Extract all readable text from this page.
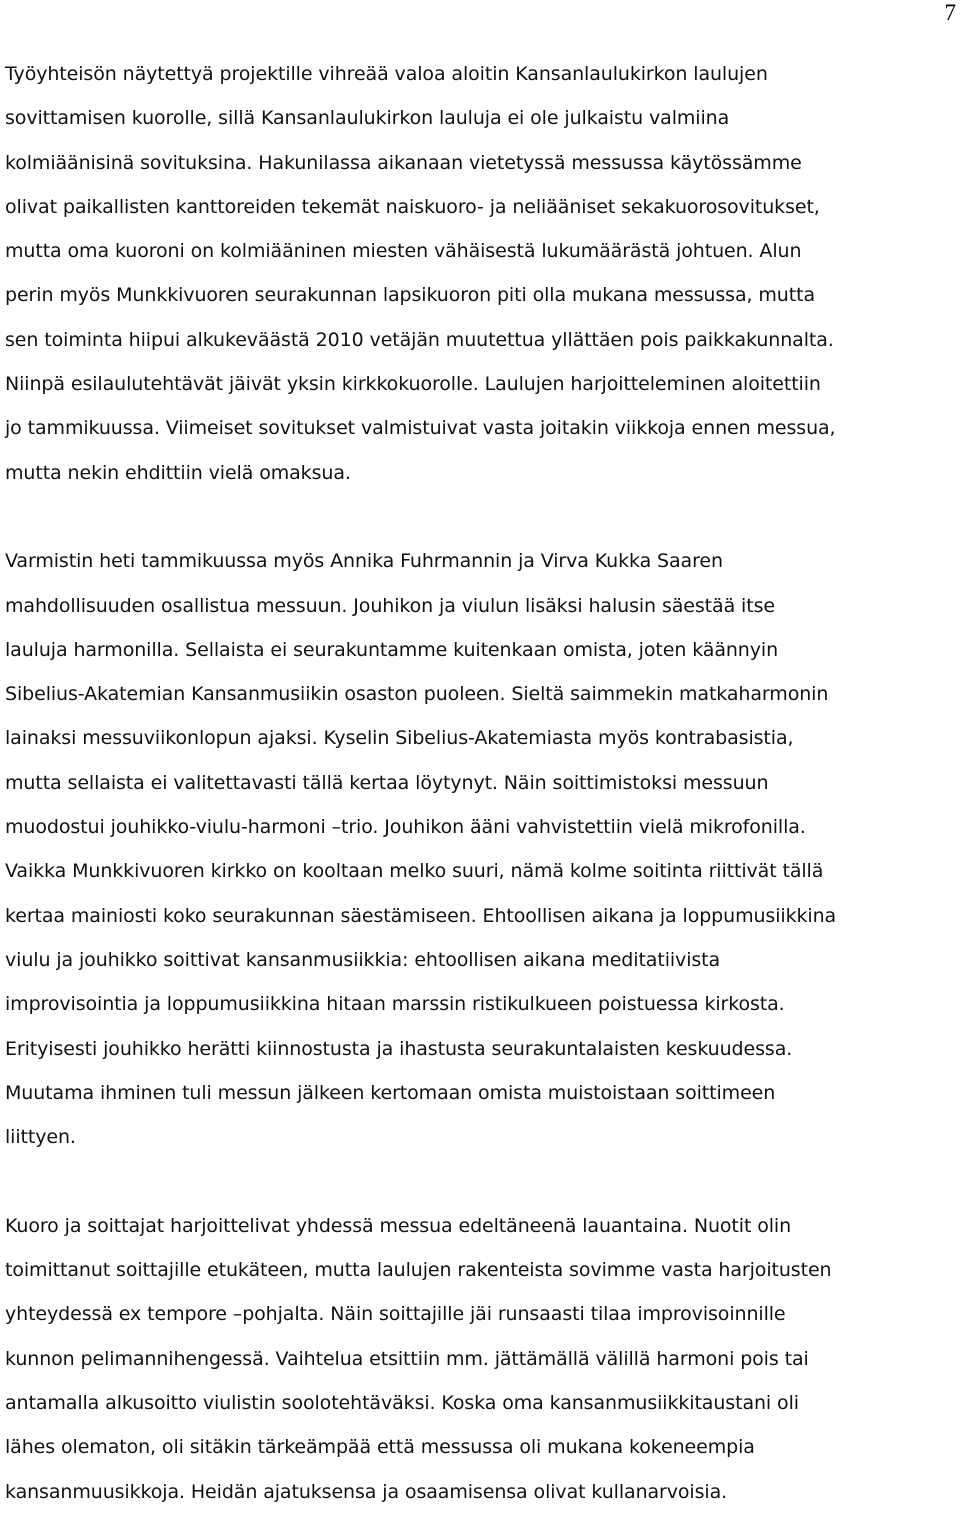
7
Työyhteisön näytettyä projektille vihreää valoa aloitin Kansanlaulukirkon laulujen
sovittamisen kuorolle, sillä Kansanlaulukirkon lauluja ei ole julkaistu valmiina
kolmiäänisinä sovituksina. Hakunilassa aikanaan vietetyssä messussa käytössämme
olivat paikallisten kanttoreiden tekemät naiskuoro- ja neliääniset sekakuorosovitukset,
mutta oma kuoroni on kolmiääninen miesten vähäisestä lukumäärästä johtuen. Alun
perin myös Munkkivuoren seurakunnan lapsikuoron piti olla mukana messussa, mutta
sen toiminta hiipui alkukeväästä 2010 vetäjän muutettua yllättäen pois paikkakunnalta.
Niinpä esilaulutehtävät jäivät yksin kirkkokuorolle. Laulujen harjoitteleminen aloitettiin
jo tammikuussa. Viimeiset sovitukset valmistuivat vasta joitakin viikkoja ennen messua,
mutta nekin ehdittiin vielä omaksua.
Varmistin heti tammikuussa myös Annika Fuhrmannin ja Virva Kukka Saaren
mahdollisuuden osallistua messuun. Jouhikon ja viulun lisäksi halusin säestää itse
lauluja harmonilla. Sellaista ei seurakuntamme kuitenkaan omista, joten käännyin
Sibelius-Akatemian Kansanmusiikin osaston puoleen. Sieltä saimmekin matkaharmonin
lainaksi messuviikonlopun ajaksi. Kyselin Sibelius-Akatemiasta myös kontrabasistia,
mutta sellaista ei valitettavasti tällä kertaa löytynyt. Näin soittimistoksi messuun
muodostui jouhikko-viulu-harmoni –trio. Jouhikon ääni vahvistettiin vielä mikrofonilla.
Vaikka Munkkivuoren kirkko on kooltaan melko suuri, nämä kolme soitinta riittivät tällä
kertaa mainiosti koko seurakunnan säestämiseen. Ehtoollisen aikana ja loppumusiikkina
viulu ja jouhikko soittivat kansanmusiikkia: ehtoollisen aikana meditatiivista
improvisointia ja loppumusiikkina hitaan marssin ristikulkueen poistuessa kirkosta.
Erityisesti jouhikko herätti kiinnostusta ja ihastusta seurakuntalaisten keskuudessa.
Muutama ihminen tuli messun jälkeen kertomaan omista muistoistaan soittimeen
liittyen.
Kuoro ja soittajat harjoittelivat yhdessä messua edeltäneenä lauantaina. Nuotit olin
toimittanut soittajille etukäteen, mutta laulujen rakenteista sovimme vasta harjoitusten
yhteydessä ex tempore –pohjalta. Näin soittajille jäi runsaasti tilaa improvisoinnille
kunnon pelimannihengessä. Vaihtelua etsittiin mm. jättämällä välillä harmoni pois tai
antamalla alkusoitto viulistin soolotehtäväksi. Koska oma kansanmusiikkitaustani oli
lähes olematon, oli sitäkin tärkeämpää että messussa oli mukana kokeneempia
kansanmuusikkoja. Heidän ajatuksensa ja osaamisensa olivat kullanarvoisia.
